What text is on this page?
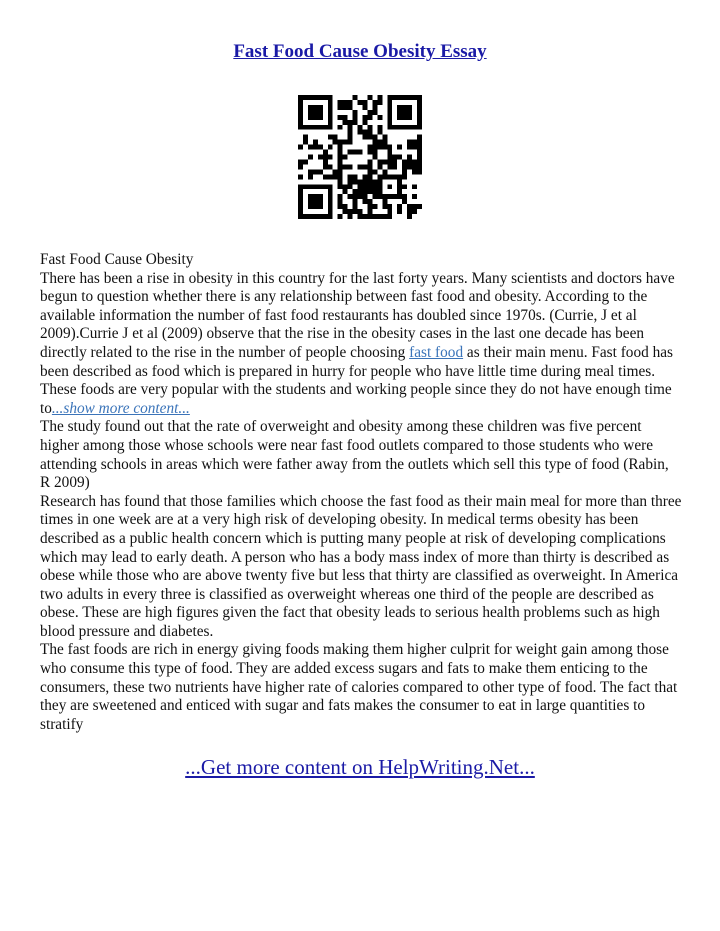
Fast Food Cause Obesity Essay

Fast Food Cause Obesity

There has been a rise in obesity in this country for the last forty years. Many scientists and doctors have begun to question whether there is any relationship between fast food and obesity. According to the available information the number of fast food restaurants has doubled since 1970s. (Currie, J et al 2009).Currie J et al (2009) observe that the rise in the obesity cases in the last one decade has been directly related to the rise in the number of people choosing fast food as their main menu. Fast food has been described as food which is prepared in hurry for people who have little time during meal times. These foods are very popular with the students and working people since they do not have enough time to...show more content...

The study found out that the rate of overweight and obesity among these children was five percent higher among those whose schools were near fast food outlets compared to those students who were attending schools in areas which were father away from the outlets which sell this type of food (Rabin, R 2009)

Research has found that those families which choose the fast food as their main meal for more than three times in one week are at a very high risk of developing obesity. In medical terms obesity has been described as a public health concern which is putting many people at risk of developing complications which may lead to early death. A person who has a body mass index of more than thirty is described as obese while those who are above twenty five but less that thirty are classified as overweight. In America two adults in every three is classified as overweight whereas one third of the people are described as obese. These are high figures given the fact that obesity leads to serious health problems such as high blood pressure and diabetes.

The fast foods are rich in energy giving foods making them higher culprit for weight gain among those who consume this type of food. They are added excess sugars and fats to make them enticing to the consumers, these two nutrients have higher rate of calories compared to other type of food. The fact that they are sweetened and enticed with sugar and fats makes the consumer to eat in large quantities to stratify

...Get more content on HelpWriting.Net...
